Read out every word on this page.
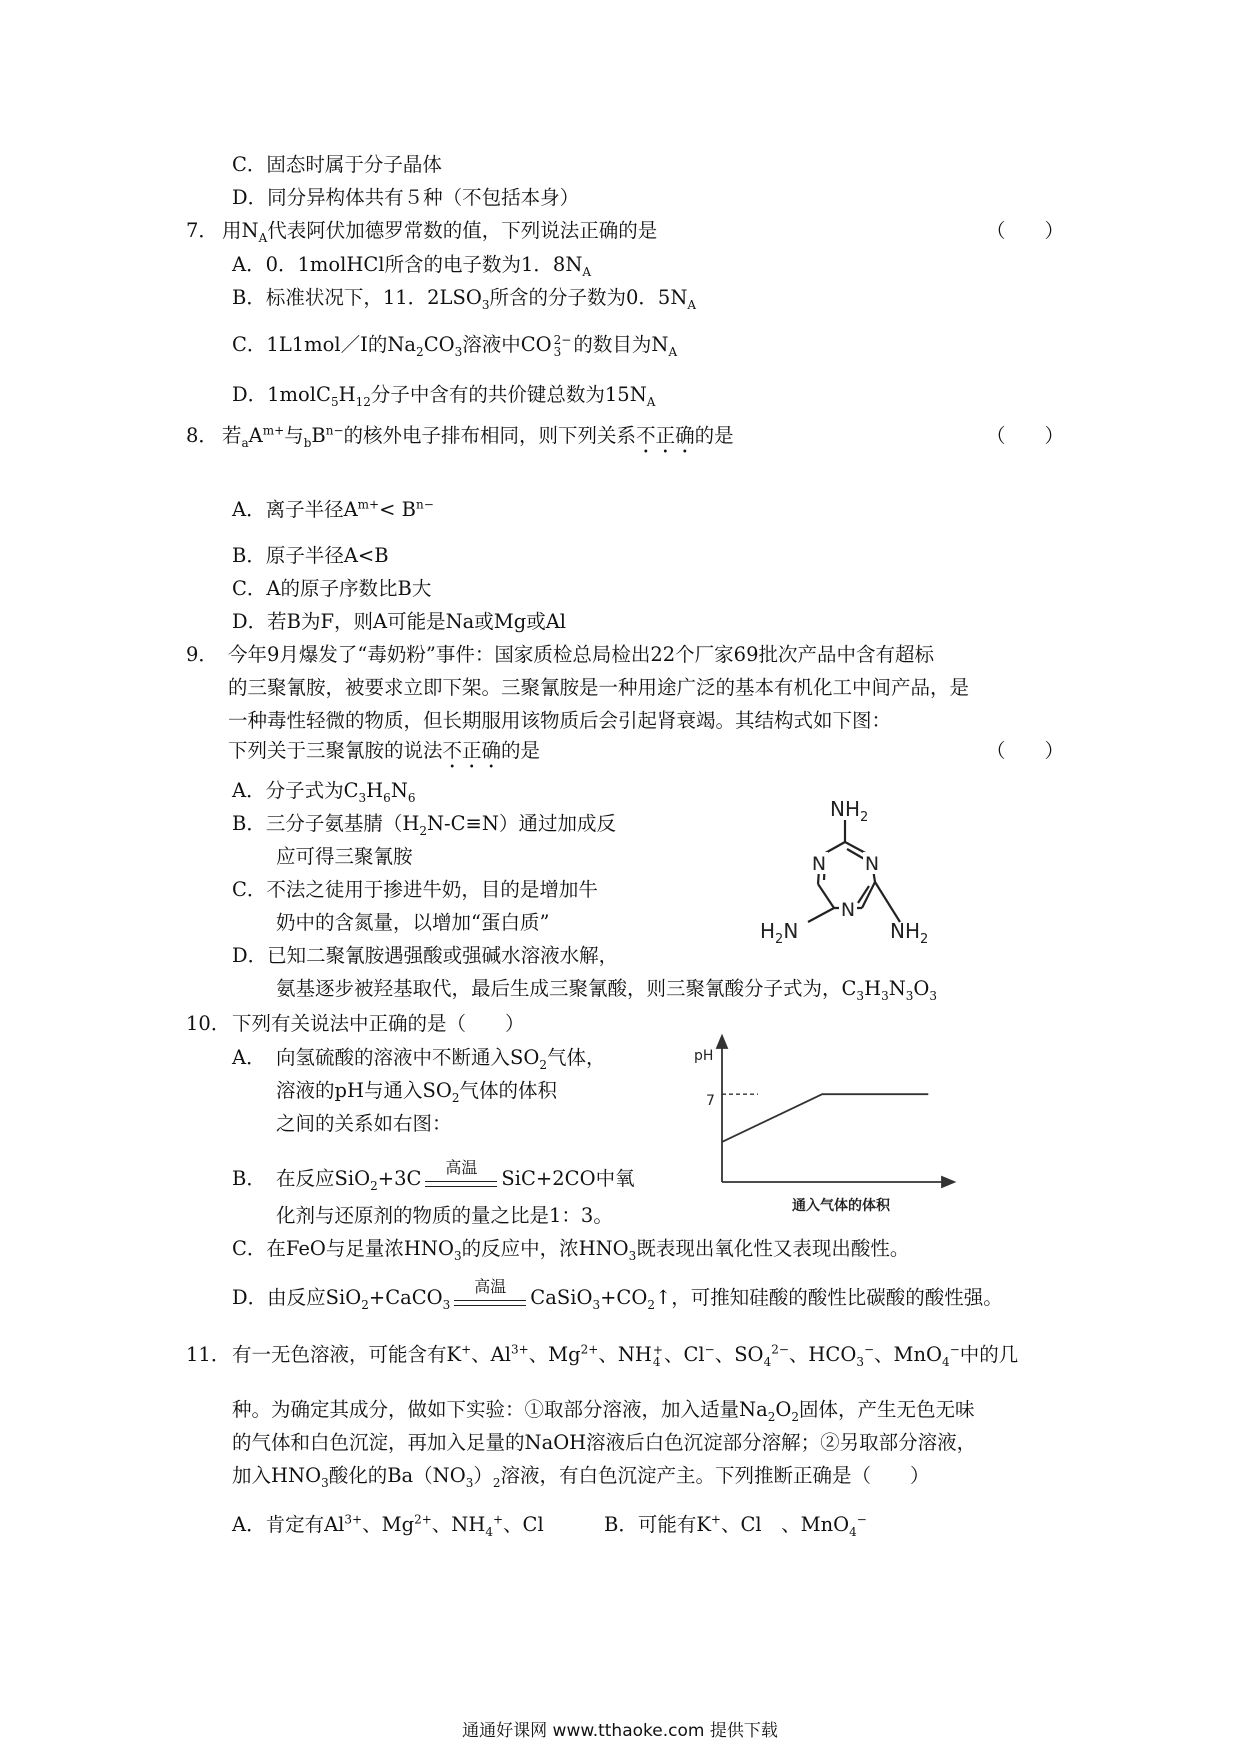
C．固态时属于分子晶体
D．同分异构体共有５种（不包括本身）
7． 用$N_A$代表阿伏加德罗常数的值，下列说法正确的是	（　　）
A．0．1molHCl所含的电子数为1．$8N_A$
B．标准状况下，11．$2LSO_3$所含的分子数为0．$5N_A$
C．1L1mol／I的$Na_2CO_3$溶液中CO 2−
3 的数目为$N_A$
D．$1molC_5H_{12}$分子中含有的共价键总数为$15N_A$
8． 若$_aA^{m+}$与$_bB^{n-}$的核外电子排布相同，则下列关系不正确的是	（　　）
A．离子半径$A^{m+}< B^{n-}$
B．原子半径A<B
C．A的原子序数比B大
D．若B为F，则A可能是Na或Mg或Al
9． 今年9月爆发了“毒奶粉”事件：国家质检总局检出22个厂家69批次产品中含有超标
的三聚氰胺，被要求立即下架。三聚氰胺是一种用途广泛的基本有机化工中间产品，是
一种毒性轻微的物质，但长期服用该物质后会引起肾衰竭。其结构式如下图：
下列关于三聚氰胺的说法不正确的是	（　　）
A．分子式为$C_3H_6N_6$
B．三分子氨基腈$(H_2N-C\equiv N)$通过加成反
应可得三聚氰胺
C．不法之徒用于掺进牛奶，目的是增加牛
奶中的含氮量，以增加“蛋白质”
D．已知二聚氰胺遇强酸或强碱水溶液水解，
氨基逐步被羟基取代，最后生成三聚氰酸，则三聚氰酸分子式为，$C_3H_3N_3O_3$
N
N
N
$NH_2$
$H_2N$	$NH_2$
10． 下列有关说法中正确的是（　　）
A． 向氢硫酸的溶液中不断通入$SO_2$气体，
溶液的pH与通入$SO_2$气体的体积
之间的关系如右图：
B． 在反应SiO$_2$+3C	高温	SiC+2CO中氧
化剂与还原剂的物质的量之比是1：3。
C．在FeO与足量浓$HNO_3$的反应中，浓$HNO_3$既表现出氧化性又表现出酸性。
D．由反应SiO$_2$+CaCO$_3$
高温	$CaSiO_3+CO_2↑$，可推知硅酸的酸性比碳酸的酸性强。
pH
7
通入气体的体积
11． 有一无色溶液，可能含有K+、$Al^{3+}$、$Mg^{2+}$、NH +
4 、Cl−、$SO_4^{2-}$、$HCO_3^-$、MnO$_4$−中的几
种。为确定其成分，做如下实验：①取部分溶液，加入适量$Na_2O_2$固体，产生无色无味
的气体和白色沉淀，再加入足量的NaOH溶液后白色沉淀部分溶解；②另取部分溶液，
加入$HNO_3$酸化的$Ba(NO_3)_2$溶液，有白色沉淀产主。下列推断正确是（　　）
A．肯定有$Al^{3+}$、$Mg^{2+}$、$NH_4^+$、Cl	B．可能有K+、Cl　、MnO$_4$−
通通好课网 www.tthaoke.com 提供下载
